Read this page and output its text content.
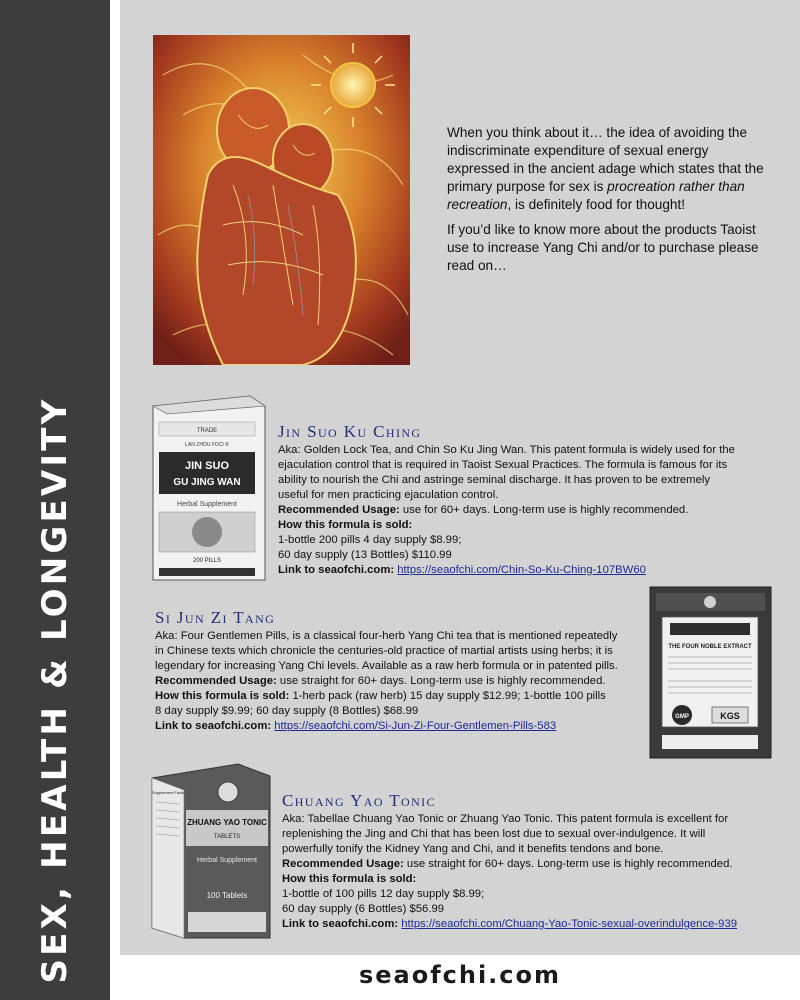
SEX, HEALTH & LONGEVITY

When you think about it… the idea of avoiding the indiscriminate expenditure of sexual energy expressed in the ancient adage which states that the primary purpose for sex is procreation rather than recreation, is definitely food for thought!

If you’d like to know more about the products Taoist use to increase Yang Chi and/or to purchase please read on…

TRADE
LAN ZHOU FOCI ®
JIN SUO
GU JING WAN
Herbal Supplement
200 PILLS
Jin Suo Ku Ching
Aka: Golden Lock Tea, and Chin So Ku Jing Wan. This patent formula is widely used for the
ejaculation control that is required in Taoist Sexual Practices. The formula is famous for its
ability to nourish the Chi and astringe seminal discharge. It has proven to be extremely
useful for men practicing ejaculation control.
Recommended Usage: use for 60+ days. Long-term use is highly recommended.
How this formula is sold:
1-bottle 200 pills 4 day supply $8.99;
60 day supply (13 Bottles) $110.99
Link to seaofchi.com: https://seaofchi.com/Chin-So-Ku-Ching-107BW60
Si Jun Zi Tang
Aka: Four Gentlemen Pills, is a classical four-herb Yang Chi tea that is mentioned repeatedly
in Chinese texts which chronicle the centuries-old practice of martial artists using herbs; it is
legendary for increasing Yang Chi levels. Available as a raw herb formula or in patented pills.
Recommended Usage: use straight for 60+ days. Long-term use is highly recommended.
How this formula is sold: 1-herb pack (raw herb) 15 day supply $12.99; 1-bottle 100 pills
8 day supply $9.99; 60 day supply (8 Bottles) $68.99
Link to seaofchi.com: https://seaofchi.com/Si-Jun-Zi-Four-Gentlemen-Pills-583
THE FOUR NOBLE EXTRACT
GMP	KGS
Supplement Facts
ZHUANG YAO TONIC
TABLETS
Herbal Supplement
100 Tablets
Chuang Yao Tonic
Aka: Tabellae Chuang Yao Tonic or Zhuang Yao Tonic. This patent formula is excellent for
replenishing the Jing and Chi that has been lost due to sexual over-indulgence. It will
powerfully tonify the Kidney Yang and Chi, and it benefits tendons and bone.
Recommended Usage: use straight for 60+ days. Long-term use is highly recommended.
How this formula is sold:
1-bottle of 100 pills 12 day supply $8.99;
60 day supply (6 Bottles) $56.99
Link to seaofchi.com: https://seaofchi.com/Chuang-Yao-Tonic-sexual-overindulgence-939
seaofchi.com
